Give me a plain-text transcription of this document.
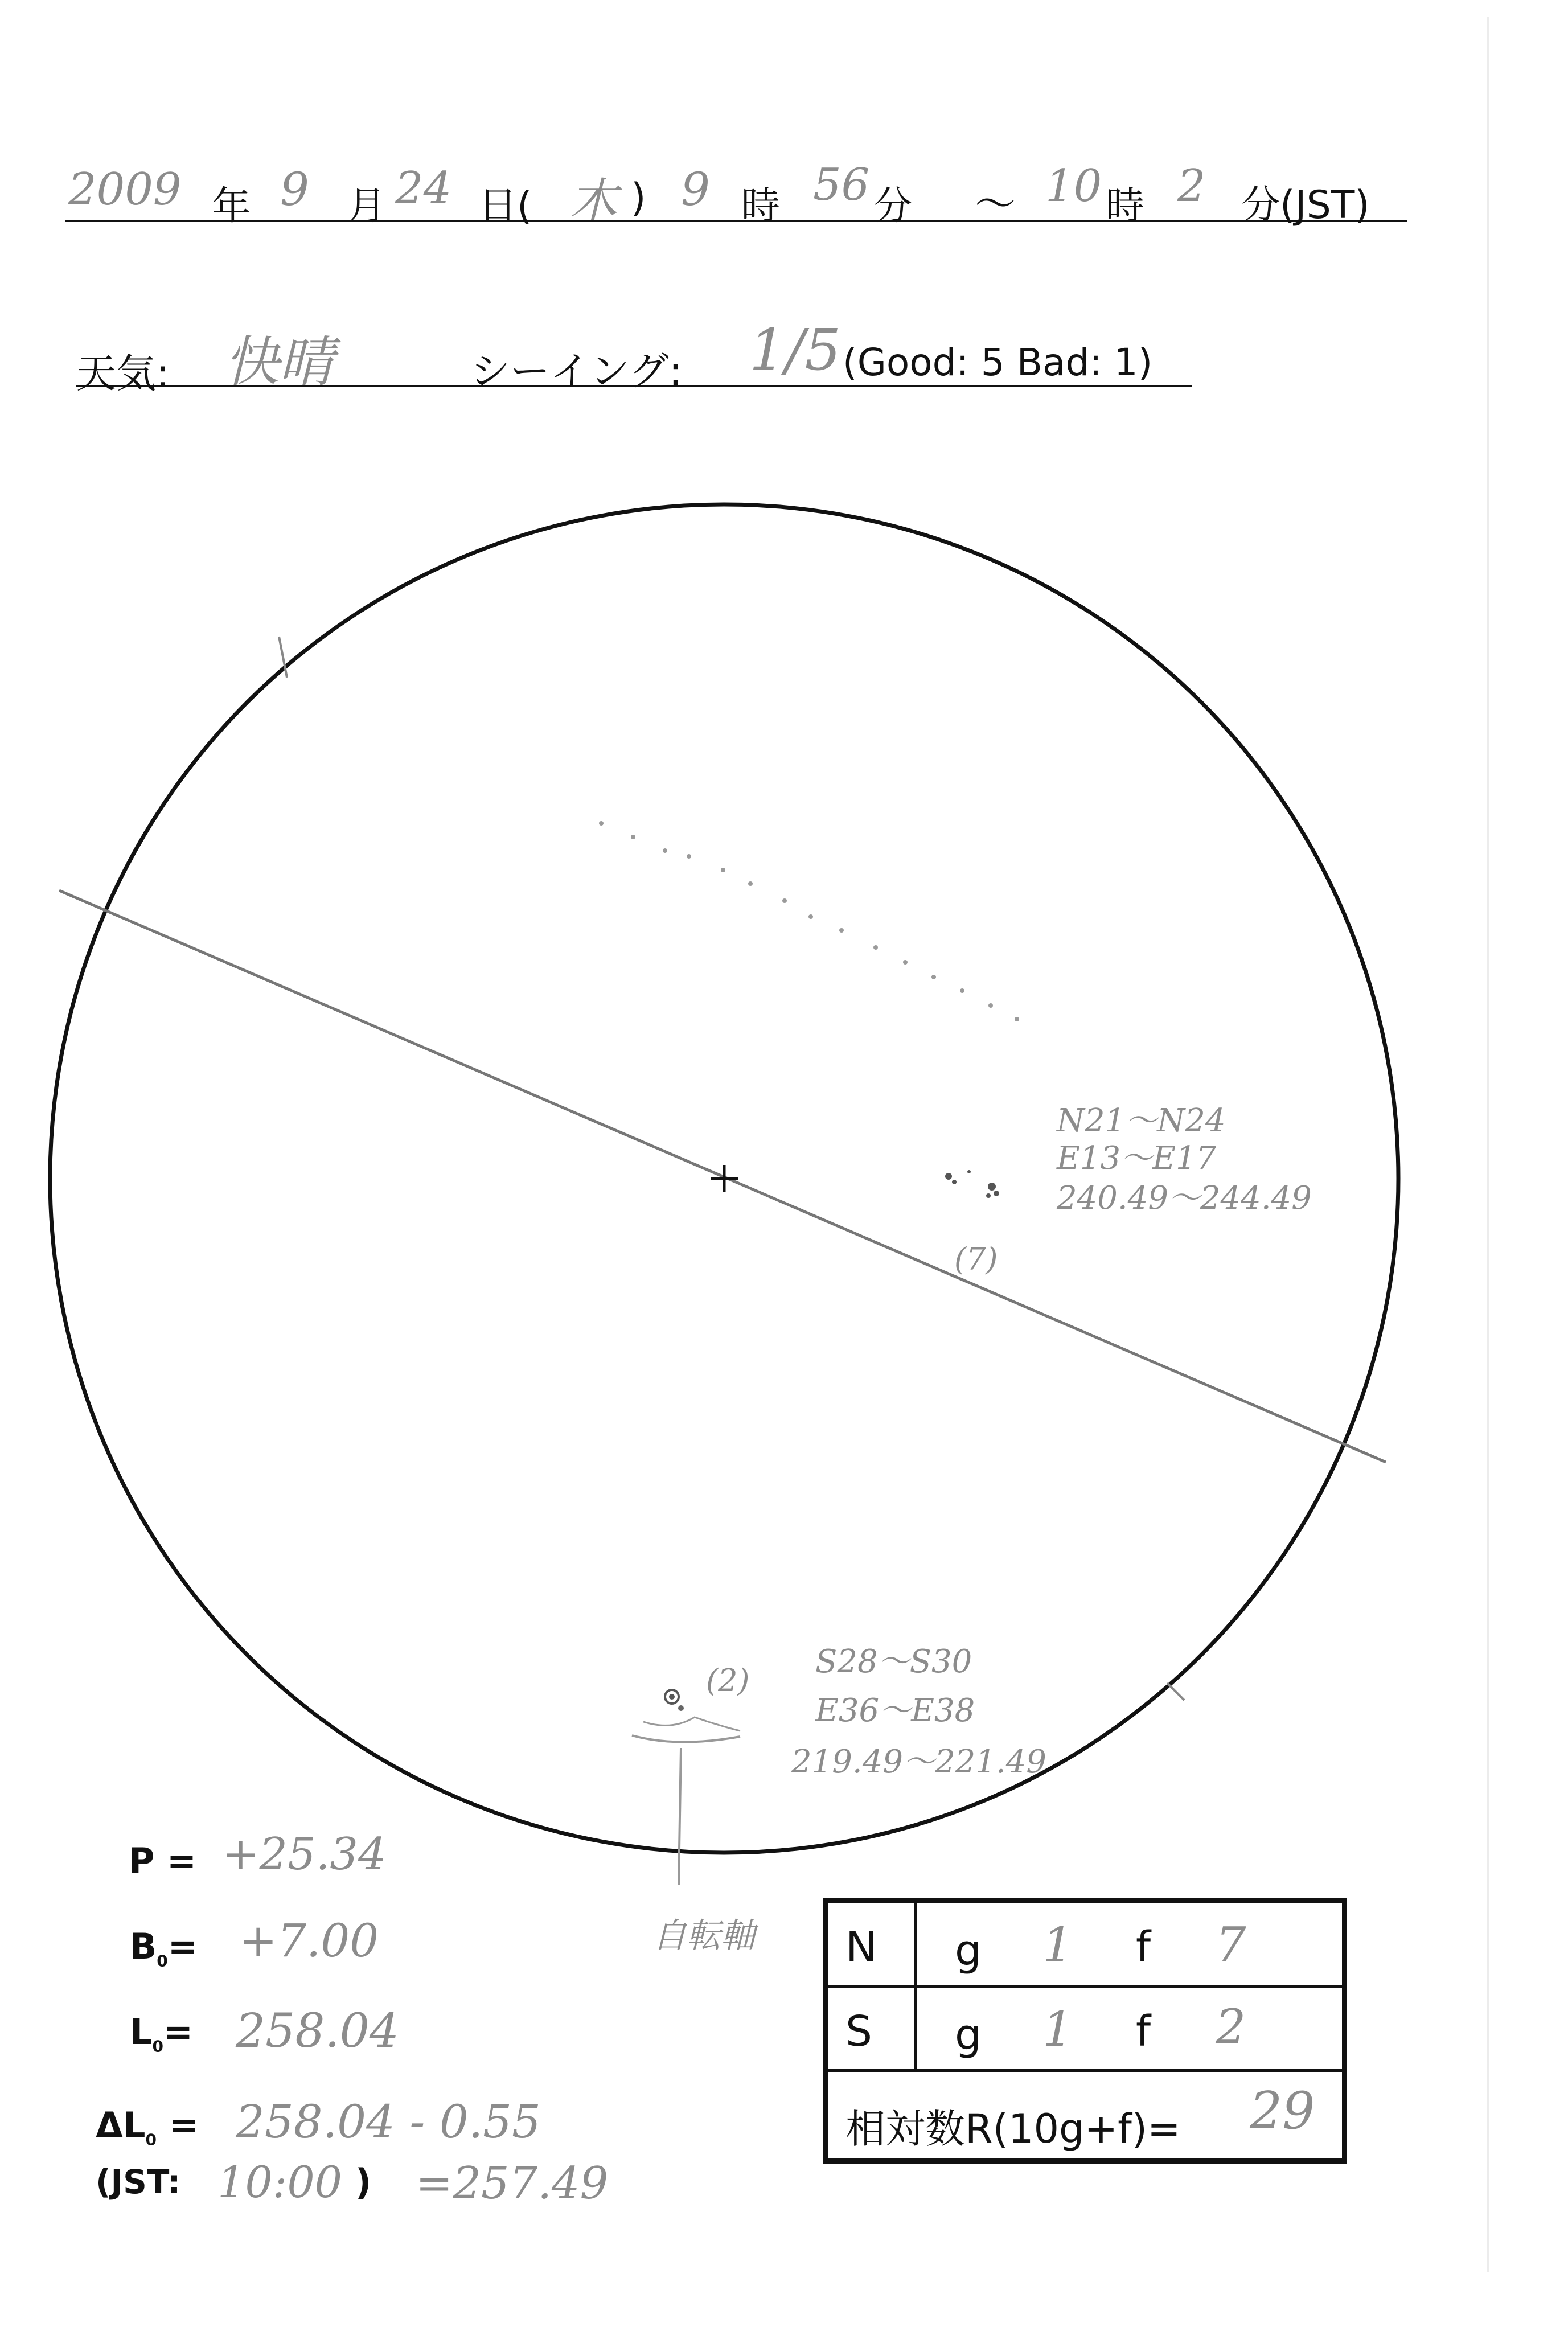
2009 年 9 月 24 日( 木 ) 9 時 56 分 ～ 10 時 2 分(JST)
天気: 快晴	シーイング: 1/5 (Good: 5 Bad: 1)
N21～N24
E13～E17
240.49～244.49
(7)
(2)
S28～S30
E36～E38
219.49～221.49
自転軸
P = +25.34
$B_0= +7.00$
$L_0= 258.04$
$\Delta L_0 = 258.04 - 0.55$
(JST: 10:00 ) =257.49
N g 1 f 7
S g 1 f 2
相対数R(10g+f)= 29
